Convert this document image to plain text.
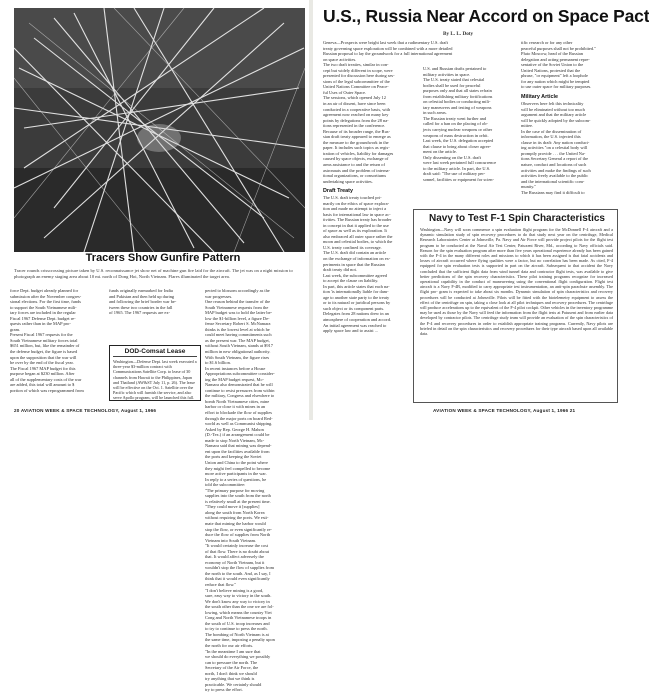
Tracers Show Gunfire Pattern
Tracer rounds crisscrossing picture taken by U.S. reconnaissance jet show net of machine gun fire laid for the aircraft. The jet was on a night mission to photograph an enemy staging area about 10 mi. north of Dong Hoi, North Vietnam. Flares illuminated the target area.
force Dept. budget already planned for
submission after the November congres-
sional elections. For the first time, funds
to support the South Vietnamese mili-
tary forces are included in the regular
Fiscal 1967 Defense Dept. budget re-
quests rather than in the MAP pro-
gram.
Present Fiscal 1967 requests for the
South Vietnamese military forces total
$651 million, but, like the remainder of
the defense budget, the figure is based
upon the supposition that the war will
be over by the end of the fiscal year.
The Fiscal 1967 MAP budget for this
purpose began at $230 million. After
all of the supplementary costs of the war
are added, this total will amount to $
portion of which was reprogrammed from
funds originally earmarked for India
and Pakistan and then held up during
and following the brief border war be-
tween these two countries in the fall
of 1965. The 1967 requests are ex-
pected to blossom accordingly as the
war progresses.
One reason behind the transfer of the
South Vietnamese requests from the
MAP budget was to hold the latter be-
low the $1-billion level, a figure De-
fense Secretary Robert S. McNamara
thinks is the lowest level at which he
could meet having commitments such
as the present war. The MAP budget,
without South Vietnam, stands at $917
million in new obligational authority.
With South Vietnam, the figure rises
to $1.6 billion.
In recent instances before a House
Appropriations subcommittee consider-
ing the MAP budget request, Mc-
Namara also demonstrated that he will
continue to resist pressures from within
the military, Congress and elsewhere to
bomb North Vietnamese cities, mine
harbor or close it with mines in an
effort to blockade the flow of supplies
through the major ports on board Red-
world as well as Communist shipping.
Asked by Rep. George H. Mahon
(D.-Tex.) if an arrangement could be
made to stop North Vietnam, Mc-
Namara said that mining was depend-
ent upon the facilities available from
the ports and keeping the Soviet
Union and China to the point where
they might feel compelled to become
more active participants in the war.
In reply to a series of questions, he
told the subcommittee:
"The primary purpose for moving
supplies into the south from the north
is relatively small at the present time.
"They could move it [supplies]
along the south from North Korea
without requiring the ports. We esti-
mate that mining the harbor would
stop the flow, or even significantly re-
duce the flow of supplies from North
Vietnam into South Vietnam.
"It would certainly increase the cost
of that flow. There is no doubt about
that. It would affect adversely the
economy of North Vietnam, but it
wouldn't stop the flow of supplies from
the north to the south. And, as I say, I
think that it would even significantly
reduce that flow."
"I don't believe mining is a good,
sure, easy way to victory in the south.
We don't know any way to victory in
the south other than the one we are fol-
lowing, which means the country Viet
Cong and North Vietnamese troops in
the south of U.S. troop increases and
to try to continue to press the north.
The bombing of North Vietnam is at
the same time, imposing a penalty upon
the north for our air efforts.
"In the meantime I am sure that
we should do everything we possibly
can to pressure the north. The
Secretary of the Air Force, the
north, I don't think we should
try anything that we think is
practicable. We certainly should
try to press the effort.
DOD-Comsat Lease
Washington—Defense Dept. last week executed a three-year $3-million contract with Communications Satellite Corp. to lease of 30 channels from Hawaii to the Philippines, Japan and Thailand (AW&ST July 11, p. 26). The lease will be effective on the Oct. 1. Satellite over the Pacific which will furnish the service, and also serve Apollo program, will be launched this fall.
20 AVIATION WEEK & SPACE TECHNOLOGY, August 1, 1966
U.S., Russia Near Accord on Space Pact
By L. L. Doty
Geneva—Prospects were bright last week that a rudimentary U.S. draft
treaty governing space exploration will be combined with a more detailed
Russian proposal to lay the groundwork for a full international agreement
on space activities.
The two draft treaties, similar in con-
cept but widely different in scope, were
presented for discussion here during ses-
sions of the legal subcommittee of the
United Nations Committee on Peace-
ful Uses of Outer Space.
The sessions, which opened July 12
in an air of dissent, have since been
conducted in a cooperative basis, with
agreement now reached on many key
points by delegations from the 28 na-
tions represented in the conference.
Because of its broader range, the Rus-
sian draft treaty appeared to emerge as
the measure to the groundwork in the
paper. It includes such topics as regis-
tration of vehicles, liability for damages
caused by space objects, exchange of
arms assistance to and the return of
astronauts and the problem of interna-
tional organizations, or consortiums
undertaking space activities.
Draft Treaty
The U.S. draft treaty touched pri-
marily on the ethics of space explora-
tion and made no attempt to inject a
basis for international law in space ac-
tivities. The Russian treaty has broader
in concept in that it applied to the use
of space as well as its exploration. It
also embraced all outer space rather the
moon and celestial bodies, to which the
U.S. treaty confined its coverage.
The U.S. draft did contain an article
on the exchange of information on ex-
periments in space that the Russian
draft treaty did not.
Last week, the subcommittee agreed
to accept the clause on liability.
In part, this article states that each na-
tion 'is internationally liable for dam-
age to another state party to the treaty
or to its natural or juridical persons by
such object or its component parts.
Delegates from 28 nations drew in an
atmosphere of cooperation and accord.
An initial agreement was reached to
apply space law and to assist ...
U.S. and Russian drafts pertained to
military activities in space.
The U.S. treaty stated that celestial
bodies shall be used for peaceful
purposes only and that all states refrain
from establishing military fortifications
on celestial bodies or conducting mili-
tary maneuvers and testing of weapons
in such areas.
The Russian treaty went further and
called for a ban on the placing of ob-
jects carrying nuclear weapons or other
weapons of mass destruction in orbit.
Last week, the U.S. delegation accepted
that clause to bring about closer agree-
ment on the article.
Only dissenting on the U.S. draft
were last week pertained full concurrence
to the military article. In part, the U.S.
draft said: "The use of military per-
sonnel, facilities or equipment for scien-
tific research or for any other
peaceful purposes shall not be prohibited."
Pluto Moscow, head of the Russian
delegation and acting permanent repre-
sentative of the Soviet Union to the
United Nations, protested that the
phrase, "or equipment" left a loophole
for any nation which might be tempted
to use outer space for military purposes.
Military Article
Observers here felt this technicality
will be eliminated without too much
argument and that the military article
will be quickly adopted by the subcom-
mittee.
In the case of the dissemination of
information, the U.S. injected this
clause in its draft: Any nation conduct-
ing activities "on a celestial body will
promptly provide . . . the United Na-
tions Secretary General a report of the
nature, conduct and locations of such
activities and make the findings of such
activities freely available to the public
and the international scientific com-
munity."
The Russians may find it difficult to
Navy to Test F-1 Spin Characteristics
Washington—Navy will soon commence a spin evaluation flight program for the McDonnell F-4 aircraft and a dynamic simulation study of spin recovery procedures to do that study next year on the centrifuge, Medical Research Laboratories Center at Johnsville, Pa. Navy and Air Force will provide project pilots for the flight test program to be conducted at the Naval Air Test Center, Patuxent River, Md., according to Navy officials said. Reason for the spin evaluation program after more than five years operational experience already has been gained with the F-4 in the many different roles and missions to which it has been assigned is that fatal accidents and losses of aircraft occurred where flying qualities were a factor, but no correlation has been made. As cited, F-4 equipped for spin evaluation tests is supported in part on the aircraft. Subsequent to that accident the Navy concluded that the sufficient flight data from wind tunnel data and contractor flight tests, was available to give better predictions of the spin recovery characteristics. These pilot training programs recognize for increased operational capability in the conduct of maneuvering using the conventional flight configuration. Flight test aircraft is a Navy F-4B, modified to carry appropriate test instrumentation, an anti-spin parachute assembly. The flight pro- gram is expected to take about six months. Dynamic simulation of spin characteristics and recovery procedures will be conducted at Johnsville. Pilots will be fitted with the biotelemetry equipment to assess the effect of the centrifuge on spin, taking a close look at all pilot techniques and recovery procedures. The centrifuge will produce accelerations up to the equivalent of the F-4 pilot cockpit. Other vehicles in the inventory programme may be used as those by the Navy will feed the information from the flight tests at Patuxent and from earlier data developed by contractor pilots. The centrifuge study team will provide an evaluation of the spin characteristics of the F-4 and recovery procedures in order to establish appropriate training programs. Currently, Navy pilots are briefed in detail on the spin characteristics and recovery procedures for their type aircraft based upon all available data.
AVIATION WEEK & SPACE TECHNOLOGY, August 1, 1966 21
